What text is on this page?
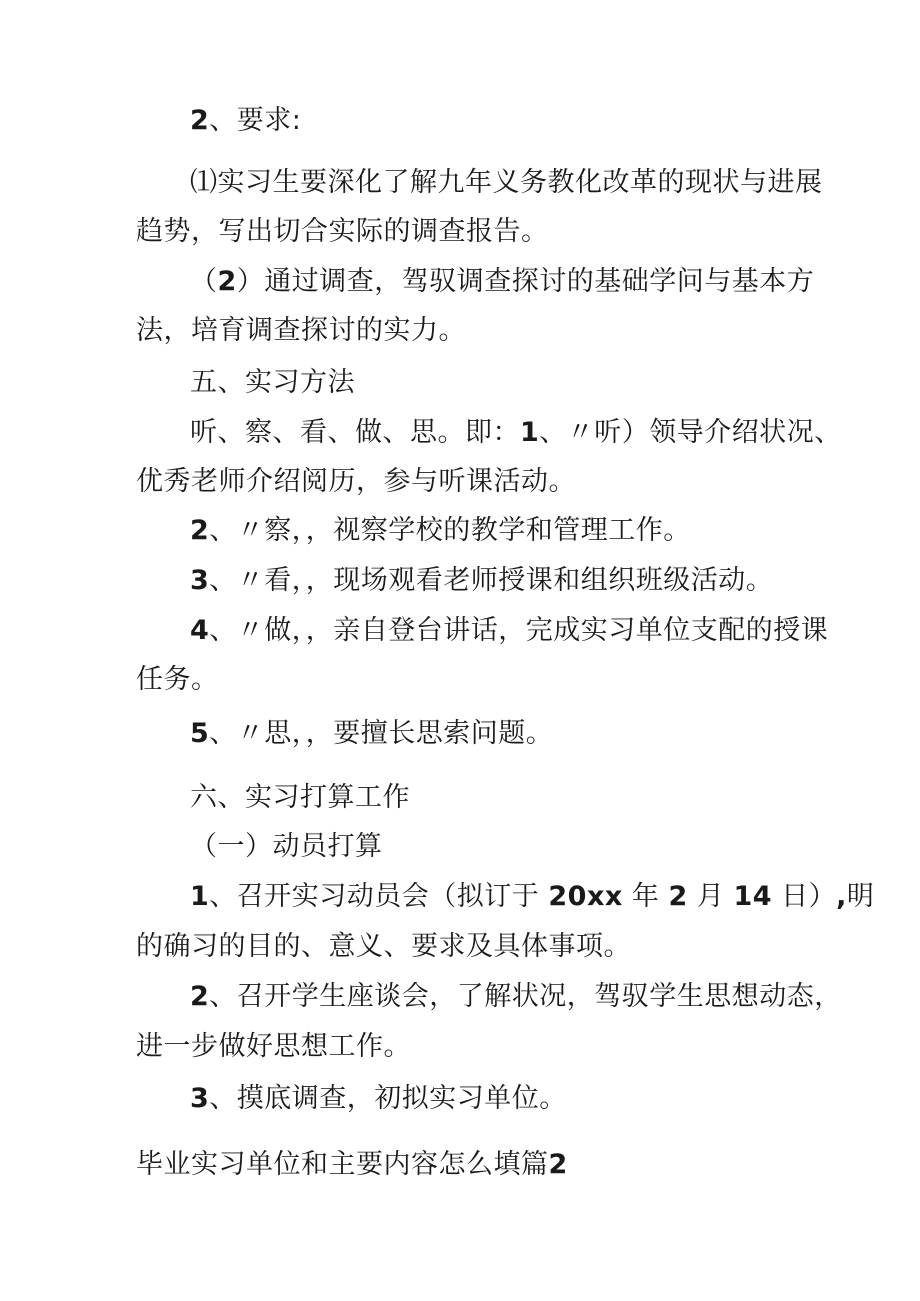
2、要求:
⑴实习生要深化了解九年义务教化改革的现状与进展
趋势，写出切合实际的调查报告。
（2）通过调查，驾驭调查探讨的基础学问与基本方
法，培育调查探讨的实力。
五、实习方法
听、察、看、做、思。即：1、〃听）领导介绍状况、
优秀老师介绍阅历，参与听课活动。
2、〃察，，视察学校的教学和管理工作。
3、〃看，，现场观看老师授课和组织班级活动。
4、〃做，，亲自登台讲话，完成实习单位支配的授课
任务。
5、〃思，，要擅长思索问题。
六、实习打算工作
（一）动员打算
1、召开实习动员会（拟订于 20xx 年 2 月 14 日）,明
的确习的目的、意义、要求及具体事项。
2、召开学生座谈会，了解状况，驾驭学生思想动态，
进一步做好思想工作。
3、摸底调查，初拟实习单位。
毕业实习单位和主要内容怎么填篇2
